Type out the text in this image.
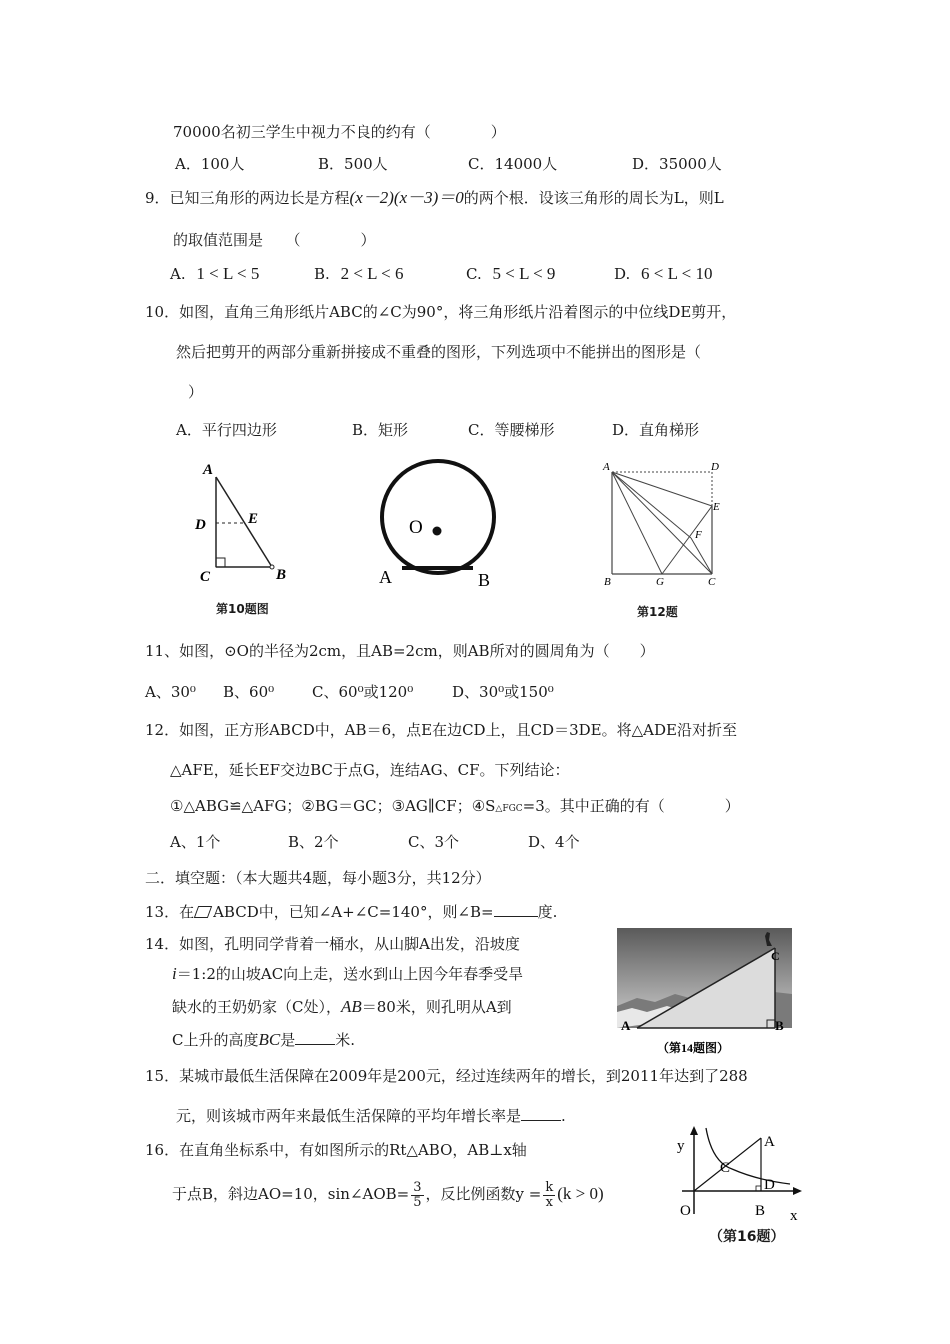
70000名初三学生中视力不良的约有（　　　　）
A．100人	B．500人	C．14000人	D．35000人
9．已知三角形的两边长是方程(x－2)(x－3)＝0的两个根．设该三角形的周长为L，则L
的取值范围是　　（　　　　）
A. 1 < L < 5	B. 2 < L < 6	C. 5 < L < 9	D. 6 < L < 10
10．如图，直角三角形纸片ABC的∠C为90°，将三角形纸片沿着图示的中位线DE剪开，
然后把剪开的两部分重新拼接成不重叠的图形，下列选项中不能拼出的图形是（
）
A．平行四边形	B．矩形	C．等腰梯形	D．直角梯形
A
D	E
C	B
第10题图
O
A	B
A	D
E
F
B	G	C
第12题
11、如图，⊙O的半径为2cm，且AB=2cm，则AB所对的圆周角为（　　）
A、30⁰ B、60⁰	C、60⁰或120⁰	D、30⁰或150⁰
12．如图，正方形ABCD中，AB＝6，点E在边CD上，且CD＝3DE。将△ADE沿对折至
△AFE，延长EF交边BC于点G，连结AG、CF。下列结论：
①△ABG≌△AFG；②BG＝GC；③AG∥CF；④S△FGC=3。其中正确的有（　　　　）
A、1个	B、2个	C、3个	D、4个
二．填空题：（本大题共4题，每小题3分，共12分）
13．在 ABCD中，已知∠A+∠C=140°，则∠B=	度.
14．如图，孔明同学背着一桶水，从山脚A出发，沿坡度
i＝1:2的山坡AC向上走，送水到山上因今年春季受旱
缺水的王奶奶家（C处），AB＝80米，则孔明从A到
C上升的高度BC是	米.
A	B
C
（第14题图）
15．某城市最低生活保障在2009年是200元，经过连续两年的增长，到2011年达到了288
元，则该城市两年来最低生活保障的平均年增长率是	.
16．在直角坐标系中，有如图所示的Rt△ABO，AB⊥x轴
于点B，斜边AO=10，sin∠AOB= $\frac{3}{5}$ ，反比例函数$y = \frac{k}{x} (k > 0)$
y	A
C
D
O	B x
（第16题）
